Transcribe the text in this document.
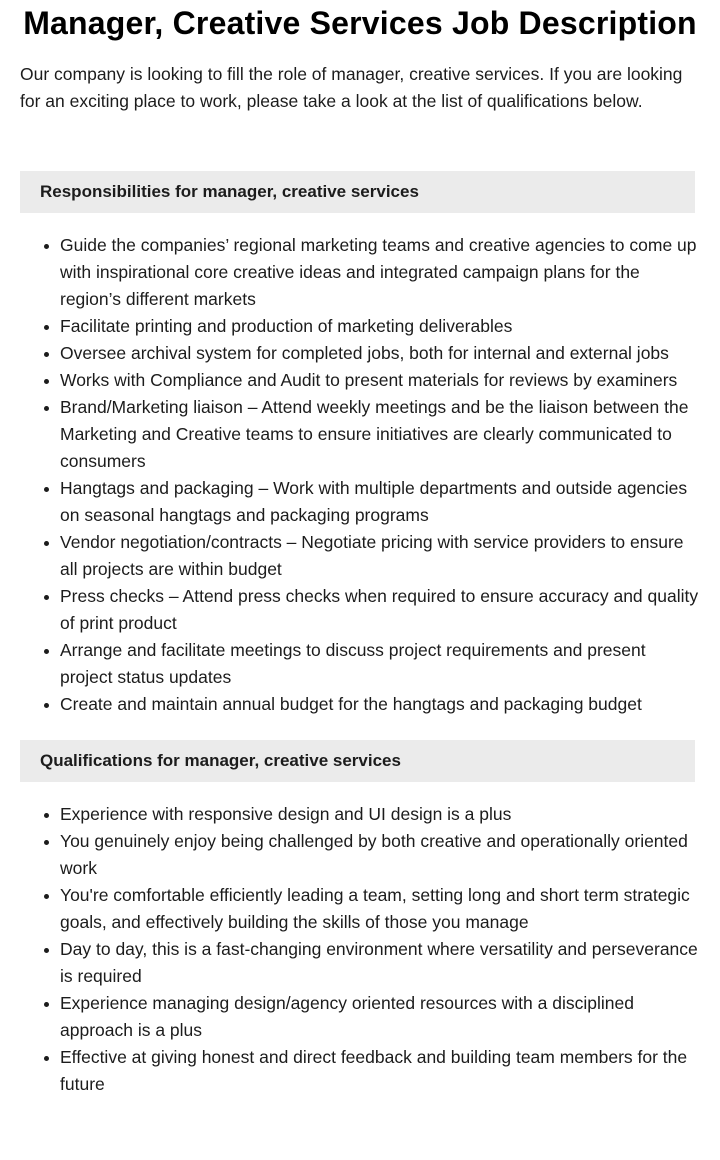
Manager, Creative Services Job Description

Our company is looking to fill the role of manager, creative services. If you are looking for an exciting place to work, please take a look at the list of qualifications below.

Responsibilities for manager, creative services
Guide the companies’ regional marketing teams and creative agencies to come up with inspirational core creative ideas and integrated campaign plans for the region’s different markets
Facilitate printing and production of marketing deliverables
Oversee archival system for completed jobs, both for internal and external jobs
Works with Compliance and Audit to present materials for reviews by examiners
Brand/Marketing liaison – Attend weekly meetings and be the liaison between the Marketing and Creative teams to ensure initiatives are clearly communicated to consumers
Hangtags and packaging – Work with multiple departments and outside agencies on seasonal hangtags and packaging programs
Vendor negotiation/contracts – Negotiate pricing with service providers to ensure all projects are within budget
Press checks – Attend press checks when required to ensure accuracy and quality of print product
Arrange and facilitate meetings to discuss project requirements and present project status updates
Create and maintain annual budget for the hangtags and packaging budget
Qualifications for manager, creative services
Experience with responsive design and UI design is a plus
You genuinely enjoy being challenged by both creative and operationally oriented work
You're comfortable efficiently leading a team, setting long and short term strategic goals, and effectively building the skills of those you manage
Day to day, this is a fast-changing environment where versatility and perseverance is required
Experience managing design/agency oriented resources with a disciplined approach is a plus
Effective at giving honest and direct feedback and building team members for the future
